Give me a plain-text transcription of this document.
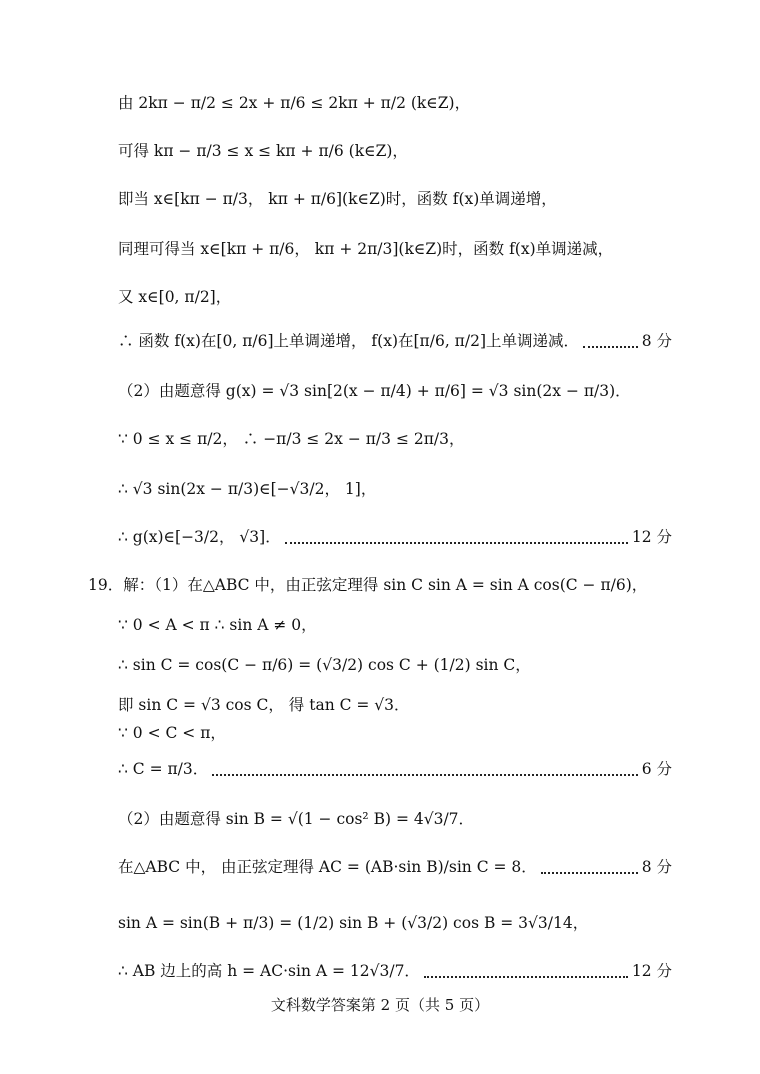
由 2kπ − π/2 ≤ 2x + π/6 ≤ 2kπ + π/2 (k∈Z)，
可得 kπ − π/3 ≤ x ≤ kπ + π/6 (k∈Z)，
即当 x∈[kπ − π/3， kπ + π/6](k∈Z)时，函数 f(x)单调递增，
同理可得当 x∈[kπ + π/6， kπ + 2π/3](k∈Z)时，函数 f(x)单调递减，
又 x∈[0, π/2]，
∴ 函数 f(x)在[0, π/6]上单调递增， f(x)在[π/6, π/2]上单调递减．	8 分
（2）由题意得 g(x) = √3 sin[2(x − π/4) + π/6] = √3 sin(2x − π/3)．
∵ 0 ≤ x ≤ π/2， ∴ −π/3 ≤ 2x − π/3 ≤ 2π/3，
∴ √3 sin(2x − π/3)∈[−√3/2， 1]，
∴ g(x)∈[−3/2， √3]．	12 分
19．解：（1）在△ABC 中，由正弦定理得 sin C sin A = sin A cos(C − π/6)，
∵ 0 < A < π ∴ sin A ≠ 0，
∴ sin C = cos(C − π/6) = (√3/2) cos C + (1/2) sin C，
即 sin C = √3 cos C， 得 tan C = √3．
∵ 0 < C < π，
∴ C = π/3．	6 分
（2）由题意得 sin B = √(1 − cos² B) = 4√3/7．
在△ABC 中， 由正弦定理得 AC = (AB·sin B)/sin C = 8．	8 分
sin A = sin(B + π/3) = (1/2) sin B + (√3/2) cos B = 3√3/14，
∴ AB 边上的高 h = AC·sin A = 12√3/7．	12 分
文科数学答案第 2 页（共 5 页）
